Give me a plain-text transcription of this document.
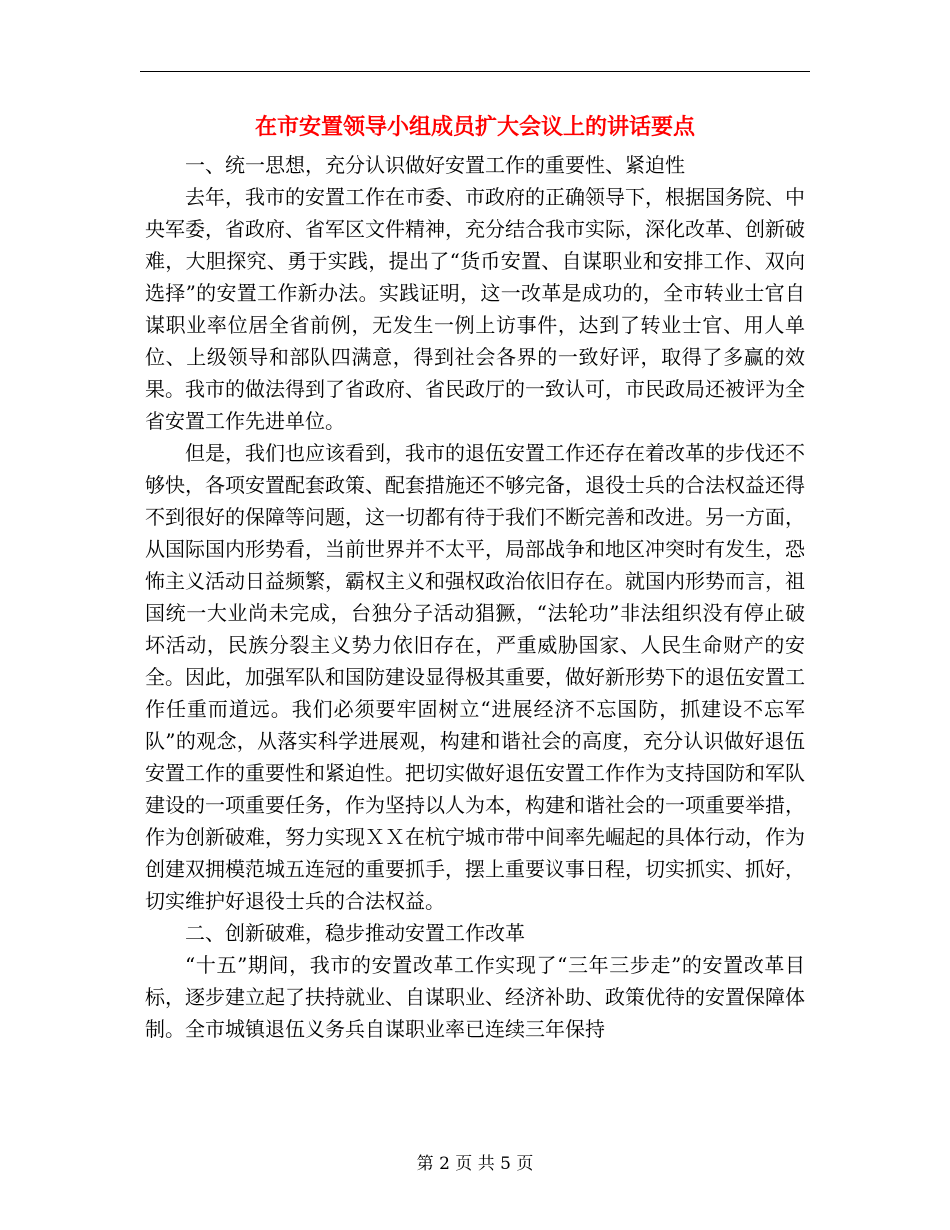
在市安置领导小组成员扩大会议上的讲话要点

一、统一思想，充分认识做好安置工作的重要性、紧迫性

去年，我市的安置工作在市委、市政府的正确领导下，根据国务院、中央军委，省政府、省军区文件精神，充分结合我市实际，深化改革、创新破难，大胆探究、勇于实践，提出了“货币安置、自谋职业和安排工作、双向选择”的安置工作新办法。实践证明，这一改革是成功的，全市转业士官自谋职业率位居全省前例，无发生一例上访事件，达到了转业士官、用人单位、上级领导和部队四满意，得到社会各界的一致好评，取得了多赢的效果。我市的做法得到了省政府、省民政厅的一致认可，市民政局还被评为全省安置工作先进单位。

但是，我们也应该看到，我市的退伍安置工作还存在着改革的步伐还不够快，各项安置配套政策、配套措施还不够完备，退役士兵的合法权益还得不到很好的保障等问题，这一切都有待于我们不断完善和改进。另一方面，从国际国内形势看，当前世界并不太平，局部战争和地区冲突时有发生，恐怖主义活动日益频繁，霸权主义和强权政治依旧存在。就国内形势而言，祖国统一大业尚未完成，台独分子活动猖獗，“法轮功”非法组织没有停止破坏活动，民族分裂主义势力依旧存在，严重威胁国家、人民生命财产的安全。因此，加强军队和国防建设显得极其重要，做好新形势下的退伍安置工作任重而道远。我们必须要牢固树立“进展经济不忘国防，抓建设不忘军队”的观念，从落实科学进展观，构建和谐社会的高度，充分认识做好退伍安置工作的重要性和紧迫性。把切实做好退伍安置工作作为支持国防和军队建设的一项重要任务，作为坚持以人为本，构建和谐社会的一项重要举措，作为创新破难，努力实现ＸＸ在杭宁城市带中间率先崛起的具体行动，作为创建双拥模范城五连冠的重要抓手，摆上重要议事日程，切实抓实、抓好，切实维护好退役士兵的合法权益。

二、创新破难，稳步推动安置工作改革

“十五”期间，我市的安置改革工作实现了“三年三步走”的安置改革目标，逐步建立起了扶持就业、自谋职业、经济补助、政策优待的安置保障体制。全市城镇退伍义务兵自谋职业率已连续三年保持

第 2 页 共 5 页
